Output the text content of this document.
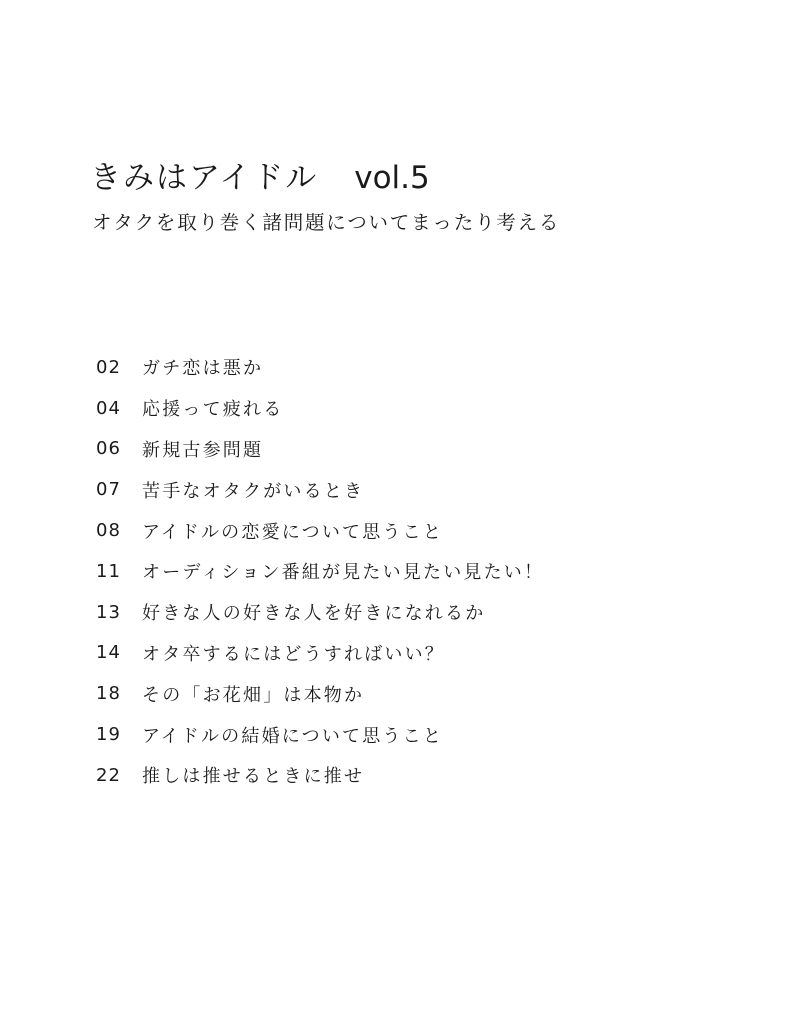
きみはアイドル vol.5
オタクを取り巻く諸問題についてまったり考える
02	ガチ恋は悪か
04	応援って疲れる
06	新規古参問題
07	苦手なオタクがいるとき
08	アイドルの恋愛について思うこと
11	オーディション番組が見たい見たい見たい！
13	好きな人の好きな人を好きになれるか
14	オタ卒するにはどうすればいい？
18	その「お花畑」は本物か
19	アイドルの結婚について思うこと
22	推しは推せるときに推せ
